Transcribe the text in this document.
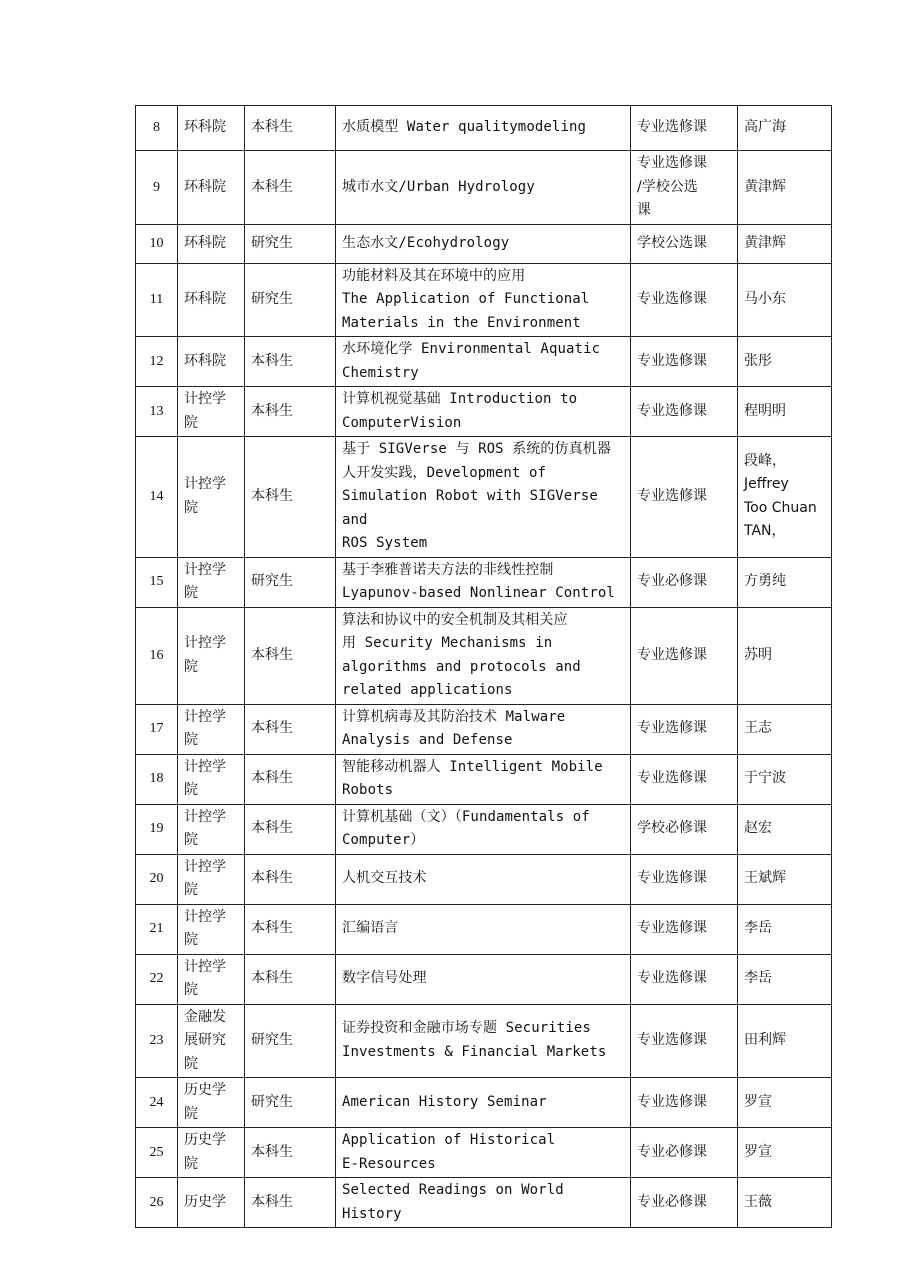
8	环科院	本科生	水质模型 Water qualitymodeling	专业选修课	高广海
9	环科院	本科生	城市水文/Urban Hydrology	专业选修课
/学校公选
课	黄津辉
10	环科院	研究生	生态水文/Ecohydrology	学校公选课	黄津辉
11	环科院	研究生	功能材料及其在环境中的应用
The Application of Functional
Materials in the Environment	专业选修课	马小东
12	环科院	本科生	水环境化学 Environmental Aquatic
Chemistry	专业选修课	张彤
13	计控学
院	本科生	计算机视觉基础 Introduction to
ComputerVision	专业选修课	程明明
14	计控学
院	本科生	基于 SIGVerse 与 ROS 系统的仿真机器
人开发实践，Development of
Simulation Robot with SIGVerse and
ROS System	专业选修课	段峰，
Jeffrey
Too Chuan
TAN，
15	计控学
院	研究生	基于李雅普诺夫方法的非线性控制
Lyapunov-based Nonlinear Control	专业必修课	方勇纯
16	计控学
院	本科生	算法和协议中的安全机制及其相关应
用 Security Mechanisms in
algorithms and protocols and
related applications	专业选修课	苏明
17	计控学
院	本科生	计算机病毒及其防治技术 Malware
Analysis and Defense	专业选修课	王志
18	计控学
院	本科生	智能移动机器人 Intelligent Mobile
Robots	专业选修课	于宁波
19	计控学
院	本科生	计算机基础（文）（Fundamentals of
Computer）	学校必修课	赵宏
20	计控学
院	本科生	人机交互技术	专业选修课	王斌辉
21	计控学
院	本科生	汇编语言	专业选修课	李岳
22	计控学
院	本科生	数字信号处理	专业选修课	李岳
23	金融发
展研究
院	研究生	证券投资和金融市场专题 Securities
Investments & Financial Markets	专业选修课	田利辉
24	历史学
院	研究生	American History Seminar	专业选修课	罗宣
25	历史学
院	本科生	Application of Historical
E-Resources	专业必修课	罗宣
26	历史学	本科生	Selected Readings on World History	专业必修课	王薇
